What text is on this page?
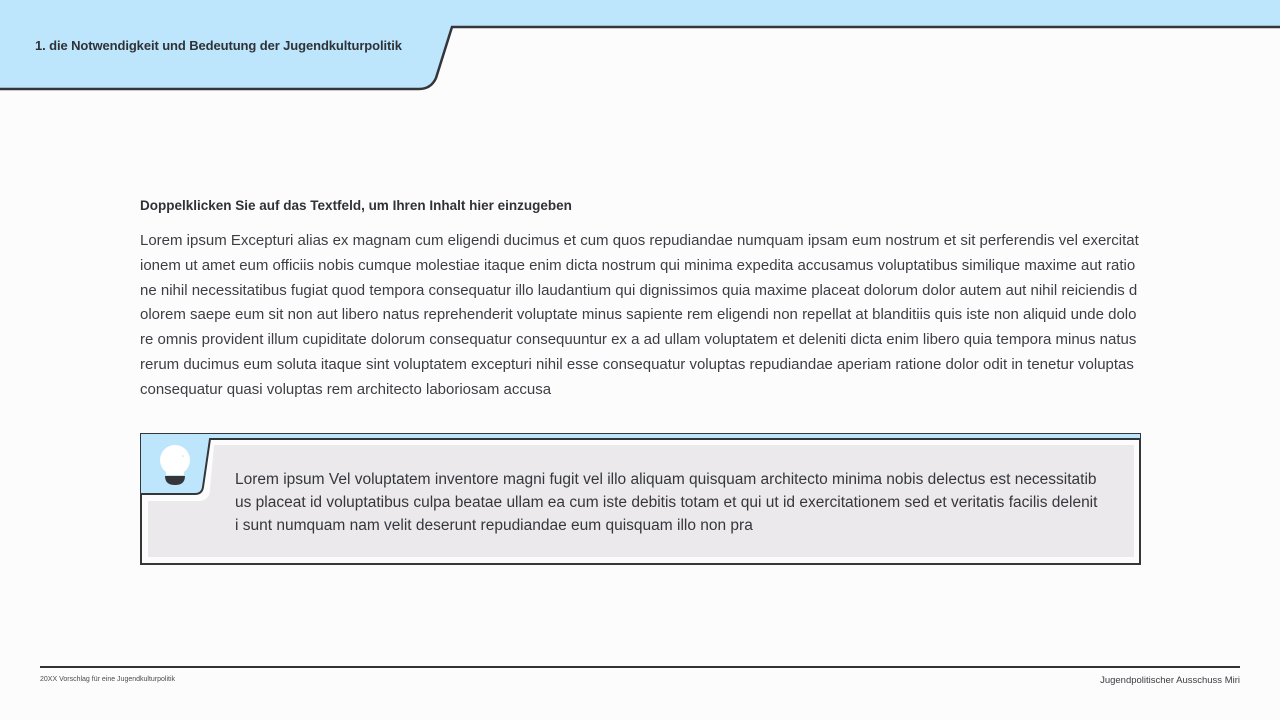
1. die Notwendigkeit und Bedeutung der Jugendkulturpolitik
Doppelklicken Sie auf das Textfeld, um Ihren Inhalt hier einzugeben
Lorem ipsum Excepturi alias ex magnam cum eligendi ducimus et cum quos repudiandae numquam ipsam eum nostrum et sit perferendis vel exercitationem ut amet eum officiis nobis cumque molestiae itaque enim dicta nostrum qui minima expedita accusamus voluptatibus similique maxime aut ratione nihil necessitatibus fugiat quod tempora consequatur illo laudantium qui dignissimos quia maxime placeat dolorum dolor autem aut nihil reiciendis dolorem saepe eum sit non aut libero natus reprehenderit voluptate minus sapiente rem eligendi non repellat at blanditiis quis iste non aliquid unde dolore omnis provident illum cupiditate dolorum consequatur consequuntur ex a ad ullam voluptatem et deleniti dicta enim libero quia tempora minus natus rerum ducimus eum soluta itaque sint voluptatem excepturi nihil esse consequatur voluptas repudiandae aperiam ratione dolor odit in tenetur voluptas consequatur quasi voluptas rem architecto laboriosam accusa
Lorem ipsum Vel voluptatem inventore magni fugit vel illo aliquam quisquam architecto minima nobis delectus est necessitatibus placeat id voluptatibus culpa beatae ullam ea cum iste debitis totam et qui ut id exercitationem sed et veritatis facilis deleniti sunt numquam nam velit deserunt repudiandae eum quisquam illo non pra
20XX Vorschlag für eine Jugendkulturpolitik	Jugendpolitischer Ausschuss Miri
